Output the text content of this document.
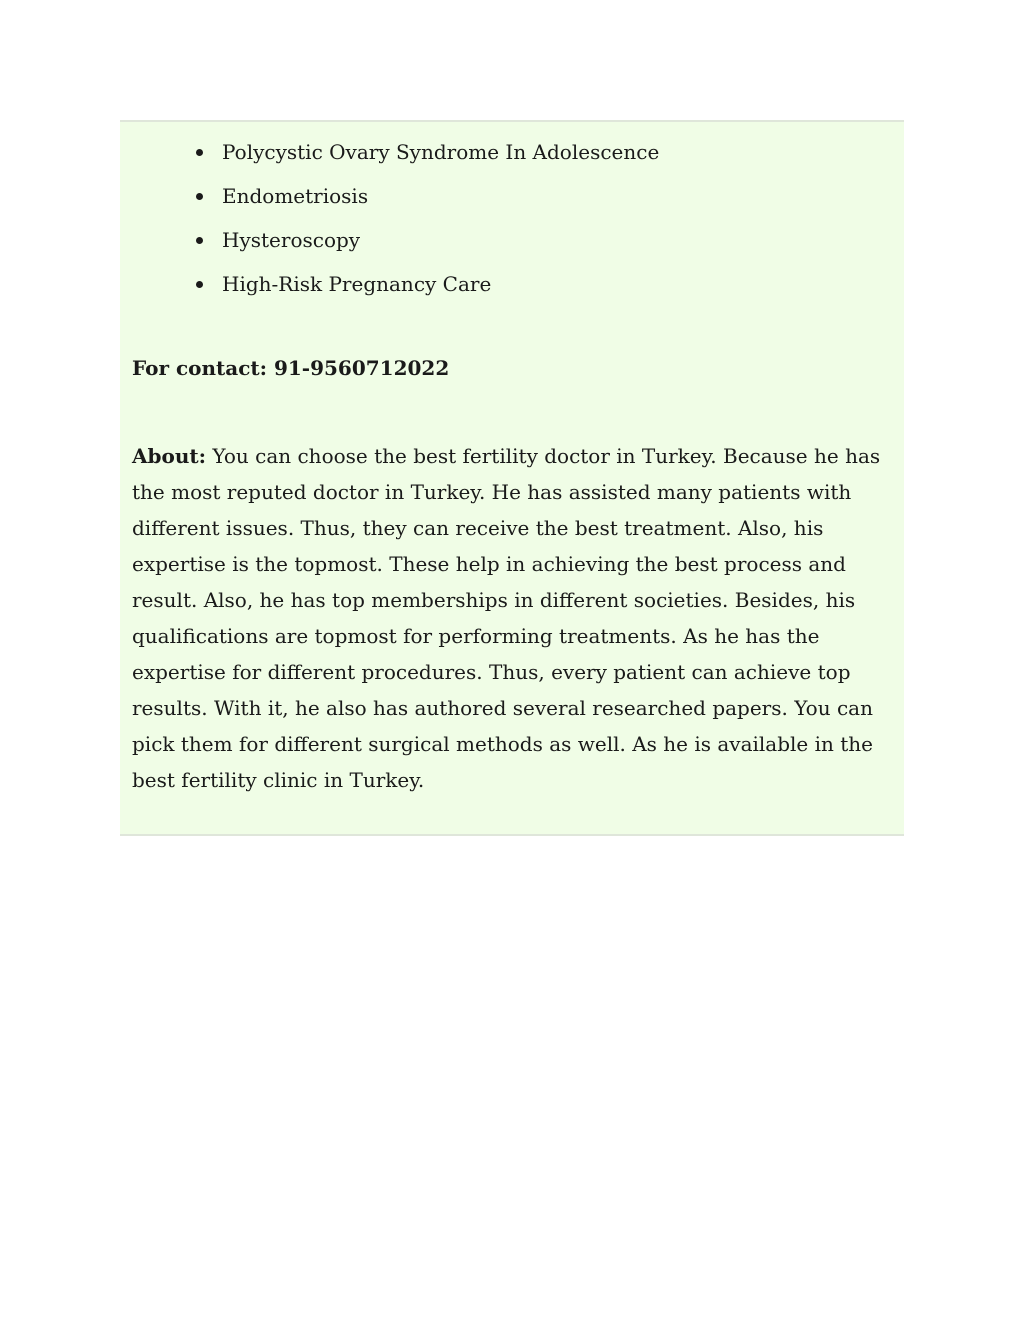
Polycystic Ovary Syndrome In Adolescence
Endometriosis
Hysteroscopy
High-Risk Pregnancy Care
For contact: 91-9560712022

About: You can choose the best fertility doctor in Turkey. Because he has the most reputed doctor in Turkey. He has assisted many patients with different issues. Thus, they can receive the best treatment. Also, his expertise is the topmost. These help in achieving the best process and result. Also, he has top memberships in different societies. Besides, his qualifications are topmost for performing treatments. As he has the expertise for different procedures. Thus, every patient can achieve top results. With it, he also has authored several researched papers. You can pick them for different surgical methods as well. As he is available in the best fertility clinic in Turkey.
